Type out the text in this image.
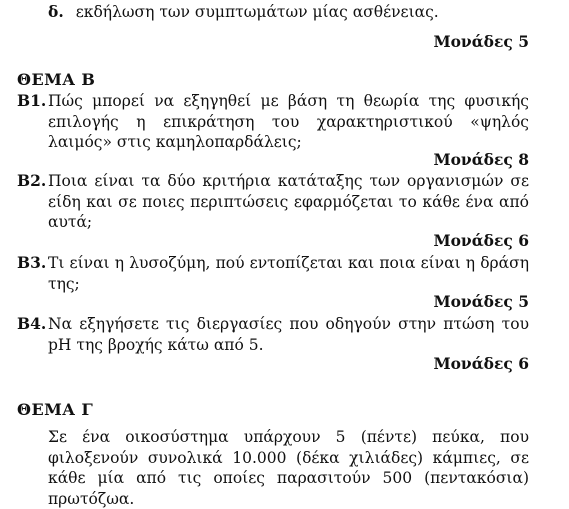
δ. εκδήλωση των συμπτωμάτων μίας ασθένειας.
Μονάδες 5
ΘΕΜΑ Β
Β1. Πώς μπορεί να εξηγηθεί με βάση τη θεωρία της φυσικής επιλογής η επικράτηση του χαρακτηριστικού «ψηλός λαιμός» στις καμηλοπαρδάλεις;
Μονάδες 8
Β2. Ποια είναι τα δύο κριτήρια κατάταξης των οργανισμών σε είδη και σε ποιες περιπτώσεις εφαρμόζεται το κάθε ένα από αυτά;
Μονάδες 6
Β3. Τι είναι η λυσοζύμη, πού εντοπίζεται και ποια είναι η δράση της;
Μονάδες 5
Β4. Να εξηγήσετε τις διεργασίες που οδηγούν στην πτώση του pH της βροχής κάτω από 5.
Μονάδες 6
ΘΕΜΑ Γ
Σε ένα οικοσύστημα υπάρχουν 5 (πέντε) πεύκα, που φιλοξενούν συνολικά 10.000 (δέκα χιλιάδες) κάμπιες, σε κάθε μία από τις οποίες παρασιτούν 500 (πεντακόσια) πρωτόζωα.
